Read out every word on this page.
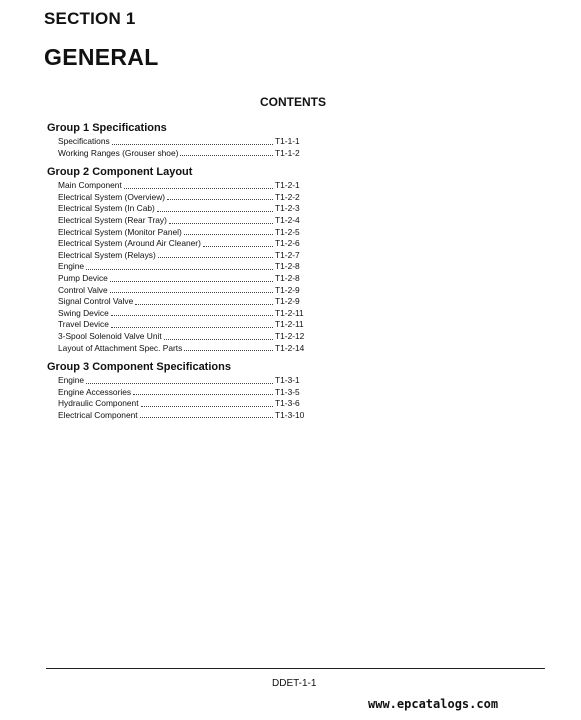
SECTION 1
GENERAL
CONTENTS
Group 1 Specifications
Specifications	T1-1-1
Working Ranges (Grouser shoe)	T1-1-2
Group 2 Component Layout
Main Component	T1-2-1
Electrical System (Overview)	T1-2-2
Electrical System (In Cab)	T1-2-3
Electrical System (Rear Tray)	T1-2-4
Electrical System (Monitor Panel)	T1-2-5
Electrical System (Around Air Cleaner)	T1-2-6
Electrical System (Relays)	T1-2-7
Engine	T1-2-8
Pump Device	T1-2-8
Control Valve	T1-2-9
Signal Control Valve	T1-2-9
Swing Device	T1-2-11
Travel Device	T1-2-11
3-Spool Solenoid Valve Unit	T1-2-12
Layout of Attachment Spec. Parts	T1-2-14
Group 3 Component Specifications
Engine	T1-3-1
Engine Accessories	T1-3-5
Hydraulic Component	T1-3-6
Electrical Component	T1-3-10
DDET-1-1
www.epcatalogs.com
